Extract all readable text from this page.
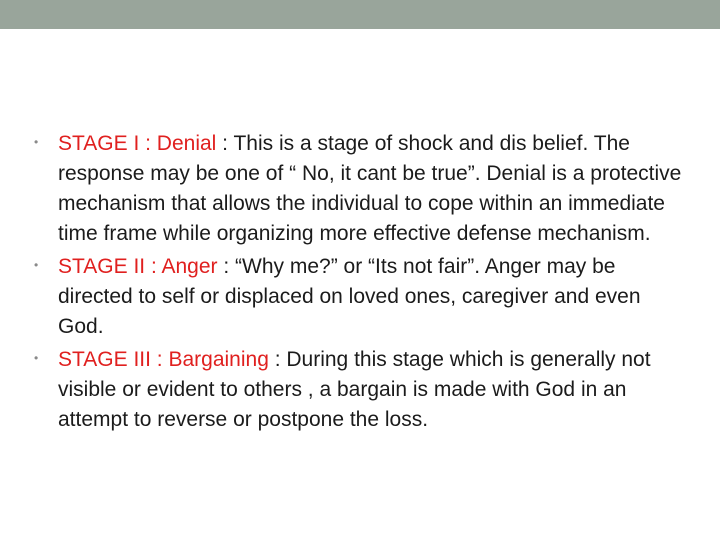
• STAGE I : Denial : This is a stage of shock and dis belief. The response may be one of “ No, it cant be true”. Denial is a protective mechanism that allows the individual to cope within an immediate time frame while organizing more effective defense mechanism.
• STAGE II : Anger : “Why me?” or “Its not fair”. Anger may be directed to self or displaced on loved ones, caregiver and even God.
• STAGE III : Bargaining : During this stage which is generally not visible or evident to others , a bargain is made with God in an attempt to reverse or postpone the loss.
